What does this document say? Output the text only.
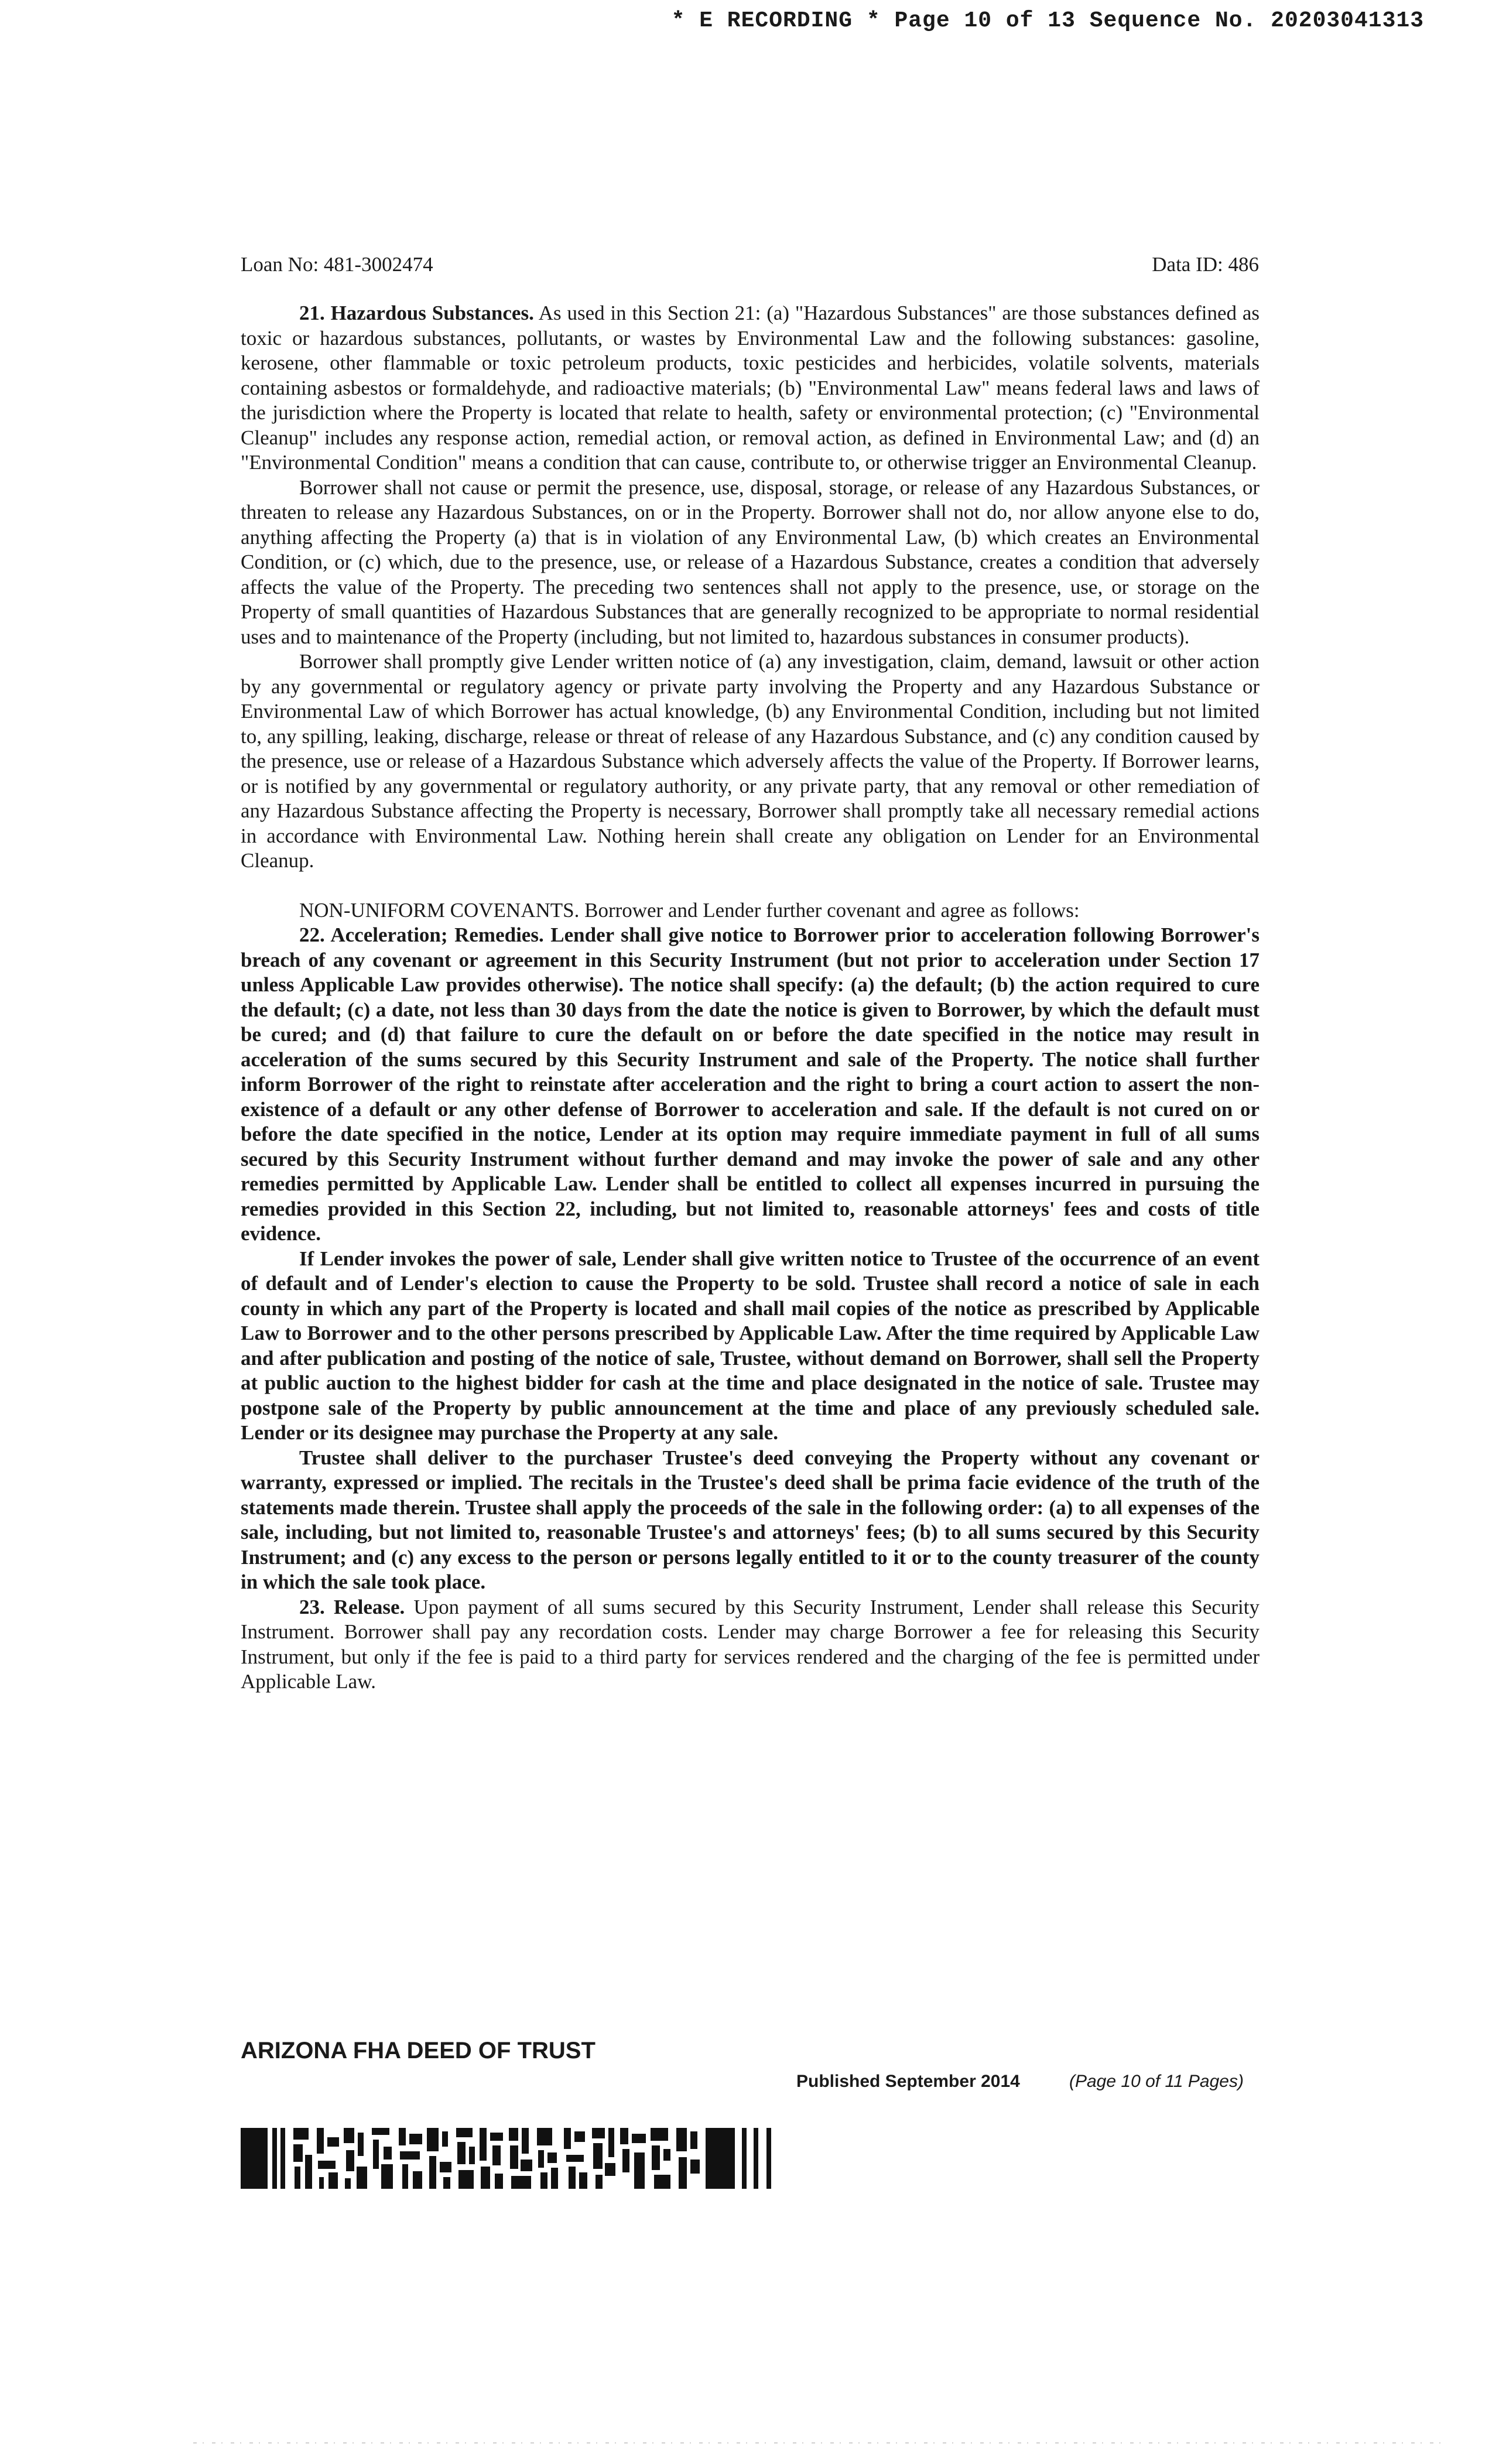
* E RECORDING * Page 10 of 13 Sequence No. 20203041313
Loan No: 481-3002474	Data ID: 486

21. Hazardous Substances. As used in this Section 21: (a) "Hazardous Substances" are those substances defined as toxic or hazardous substances, pollutants, or wastes by Environmental Law and the following substances: gasoline, kerosene, other flammable or toxic petroleum products, toxic pesticides and herbicides, volatile solvents, materials containing asbestos or formaldehyde, and radioactive materials; (b) "Environmental Law" means federal laws and laws of the jurisdiction where the Property is located that relate to health, safety or environmental protection; (c) "Environmental Cleanup" includes any response action, remedial action, or removal action, as defined in Environmental Law; and (d) an "Environmental Condition" means a condition that can cause, contribute to, or otherwise trigger an Environmental Cleanup.

Borrower shall not cause or permit the presence, use, disposal, storage, or release of any Hazardous Substances, or threaten to release any Hazardous Substances, on or in the Property. Borrower shall not do, nor allow anyone else to do, anything affecting the Property (a) that is in violation of any Environmental Law, (b) which creates an Environmental Condition, or (c) which, due to the presence, use, or release of a Hazardous Substance, creates a condition that adversely affects the value of the Property. The preceding two sentences shall not apply to the presence, use, or storage on the Property of small quantities of Hazardous Substances that are generally recognized to be appropriate to normal residential uses and to maintenance of the Property (including, but not limited to, hazardous substances in consumer products).

Borrower shall promptly give Lender written notice of (a) any investigation, claim, demand, lawsuit or other action by any governmental or regulatory agency or private party involving the Property and any Hazardous Substance or Environmental Law of which Borrower has actual knowledge, (b) any Environmental Condition, including but not limited to, any spilling, leaking, discharge, release or threat of release of any Hazardous Substance, and (c) any condition caused by the presence, use or release of a Hazardous Substance which adversely affects the value of the Property. If Borrower learns, or is notified by any governmental or regulatory authority, or any private party, that any removal or other remediation of any Hazardous Substance affecting the Property is necessary, Borrower shall promptly take all necessary remedial actions in accordance with Environmental Law. Nothing herein shall create any obligation on Lender for an Environmental Cleanup.

NON-UNIFORM COVENANTS. Borrower and Lender further covenant and agree as follows:

22. Acceleration; Remedies. Lender shall give notice to Borrower prior to acceleration following Borrower's breach of any covenant or agreement in this Security Instrument (but not prior to acceleration under Section 17 unless Applicable Law provides otherwise). The notice shall specify: (a) the default; (b) the action required to cure the default; (c) a date, not less than 30 days from the date the notice is given to Borrower, by which the default must be cured; and (d) that failure to cure the default on or before the date specified in the notice may result in acceleration of the sums secured by this Security Instrument and sale of the Property. The notice shall further inform Borrower of the right to reinstate after acceleration and the right to bring a court action to assert the non-existence of a default or any other defense of Borrower to acceleration and sale. If the default is not cured on or before the date specified in the notice, Lender at its option may require immediate payment in full of all sums secured by this Security Instrument without further demand and may invoke the power of sale and any other remedies permitted by Applicable Law. Lender shall be entitled to collect all expenses incurred in pursuing the remedies provided in this Section 22, including, but not limited to, reasonable attorneys' fees and costs of title evidence.

If Lender invokes the power of sale, Lender shall give written notice to Trustee of the occurrence of an event of default and of Lender's election to cause the Property to be sold. Trustee shall record a notice of sale in each county in which any part of the Property is located and shall mail copies of the notice as prescribed by Applicable Law to Borrower and to the other persons prescribed by Applicable Law. After the time required by Applicable Law and after publication and posting of the notice of sale, Trustee, without demand on Borrower, shall sell the Property at public auction to the highest bidder for cash at the time and place designated in the notice of sale. Trustee may postpone sale of the Property by public announcement at the time and place of any previously scheduled sale. Lender or its designee may purchase the Property at any sale.

Trustee shall deliver to the purchaser Trustee's deed conveying the Property without any covenant or warranty, expressed or implied. The recitals in the Trustee's deed shall be prima facie evidence of the truth of the statements made therein. Trustee shall apply the proceeds of the sale in the following order: (a) to all expenses of the sale, including, but not limited to, reasonable Trustee's and attorneys' fees; (b) to all sums secured by this Security Instrument; and (c) any excess to the person or persons legally entitled to it or to the county treasurer of the county in which the sale took place.

23. Release. Upon payment of all sums secured by this Security Instrument, Lender shall release this Security Instrument. Borrower shall pay any recordation costs. Lender may charge Borrower a fee for releasing this Security Instrument, but only if the fee is paid to a third party for services rendered and the charging of the fee is permitted under Applicable Law.

ARIZONA FHA DEED OF TRUST
Published September 2014	(Page 10 of 11 Pages)
